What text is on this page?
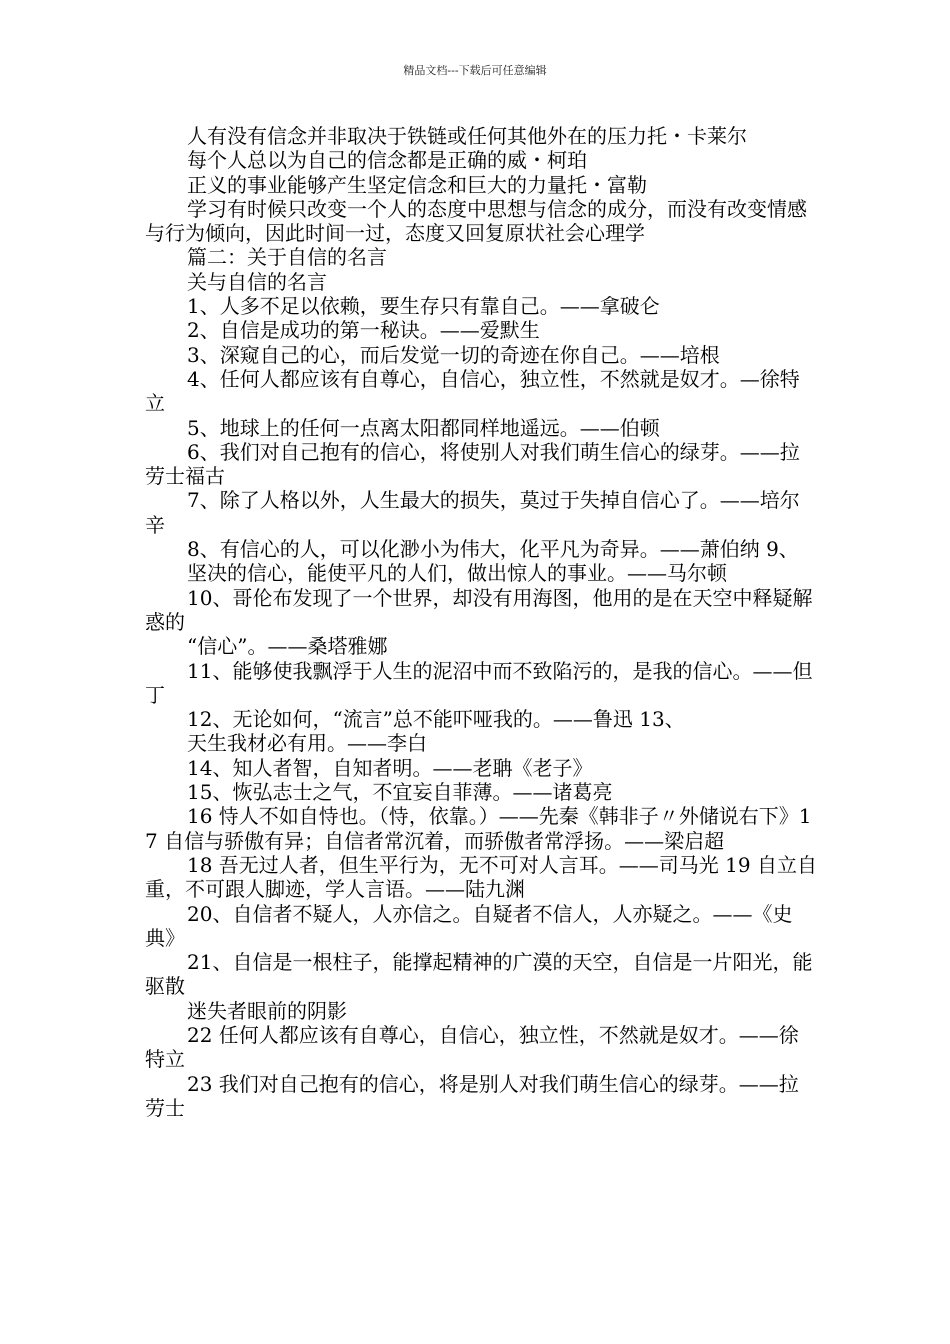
精品文档---下载后可任意编辑

人有没有信念并非取决于铁链或任何其他外在的压力托・卡莱尔

每个人总以为自己的信念都是正确的威・柯珀

正义的事业能够产生坚定信念和巨大的力量托・富勒

学习有时候只改变一个人的态度中思想与信念的成分，而没有改变情感与行为倾向，因此时间一过，态度又回复原状社会心理学

篇二：关于自信的名言

关与自信的名言

1、人多不足以依赖，要生存只有靠自己。——拿破仑

2、自信是成功的第一秘诀。——爱默生

3、深窥自己的心，而后发觉一切的奇迹在你自己。——培根

4、任何人都应该有自尊心，自信心，独立性，不然就是奴才。—徐特立

5、地球上的任何一点离太阳都同样地遥远。——伯顿

6、我们对自己抱有的信心，将使别人对我们萌生信心的绿芽。——拉劳士福古

7、除了人格以外，人生最大的损失，莫过于失掉自信心了。——培尔辛

8、有信心的人，可以化渺小为伟大，化平凡为奇异。——萧伯纳 9、

坚决的信心，能使平凡的人们，做出惊人的事业。——马尔顿

10、哥伦布发现了一个世界，却没有用海图，他用的是在天空中释疑解惑的

“信心”。——桑塔雅娜

11、能够使我飘浮于人生的泥沼中而不致陷污的，是我的信心。——但丁

12、无论如何，“流言”总不能吓哑我的。——鲁迅 13、

天生我材必有用。——李白

14、知人者智，自知者明。——老聃《老子》

15、恢弘志士之气，不宜妄自菲薄。——诸葛亮

16 恃人不如自恃也。（恃，依靠。）——先秦《韩非子〃外储说右下》17 自信与骄傲有异；自信者常沉着，而骄傲者常浮扬。——梁启超

18 吾无过人者，但生平行为，无不可对人言耳。——司马光 19 自立自重，不可跟人脚迹，学人言语。——陆九渊

20、自信者不疑人，人亦信之。自疑者不信人，人亦疑之。——《史典》

21、自信是一根柱子，能撑起精神的广漠的天空，自信是一片阳光，能驱散

迷失者眼前的阴影

22 任何人都应该有自尊心，自信心，独立性，不然就是奴才。——徐特立

23 我们对自己抱有的信心，将是别人对我们萌生信心的绿芽。——拉劳士
